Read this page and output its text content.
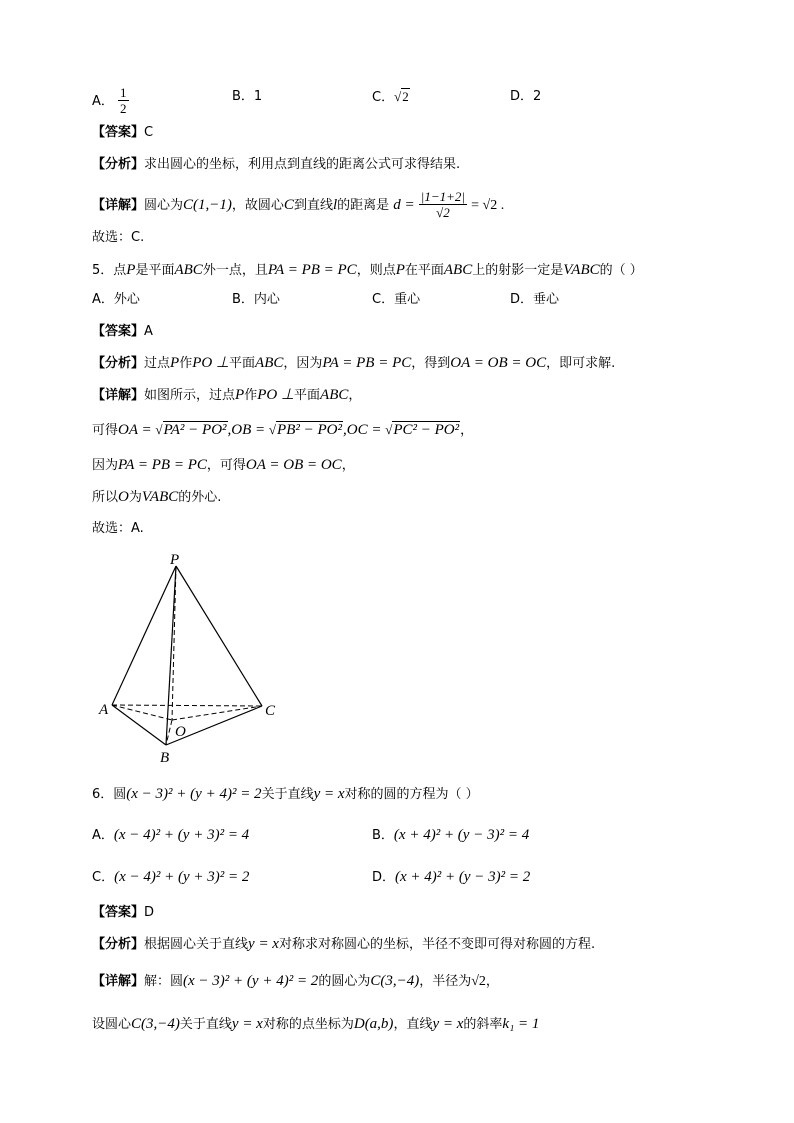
A． $\frac{1}{2}$	B．1	C．√2	D．2
【答案】C
【分析】求出圆心的坐标，利用点到直线的距离公式可求得结果.
【详解】圆心为C(1,−1)，故圆心C到直线l的距离是 $d = \frac{|1-1+2|}{√2} = √2$ .
故选：C.
5．点P是平面ABC外一点，且PA = PB = PC，则点P在平面ABC上的射影一定是VABC的（ ）
A．外心	B．内心	C．重心	D．垂心
【答案】A
【分析】过点P作PO ⊥平面ABC，因为PA = PB = PC，得到OA = OB = OC，即可求解.
【详解】如图所示，过点P作PO ⊥平面ABC，
可得OA = √PA² − PO²,OB = √PB² − PO²,OC = √PC² − PO²，
因为PA = PB = PC，可得OA = OB = OC，
所以O为VABC的外心.
故选：A.
P
A
B
C
O
6．圆(x − 3)² + (y + 4)² = 2关于直线y = x对称的圆的方程为（ ）
A．(x − 4)² + (y + 3)² = 4	B．(x + 4)² + (y − 3)² = 4
C．(x − 4)² + (y + 3)² = 2	D．(x + 4)² + (y − 3)² = 2
【答案】D
【分析】根据圆心关于直线y = x对称求对称圆心的坐标，半径不变即可得对称圆的方程.
【详解】解：圆(x − 3)² + (y + 4)² = 2的圆心为C(3,−4)，半径为√2，
设圆心C(3,−4)关于直线y = x对称的点坐标为D(a,b)，直线y = x的斜率k₁ = 1
